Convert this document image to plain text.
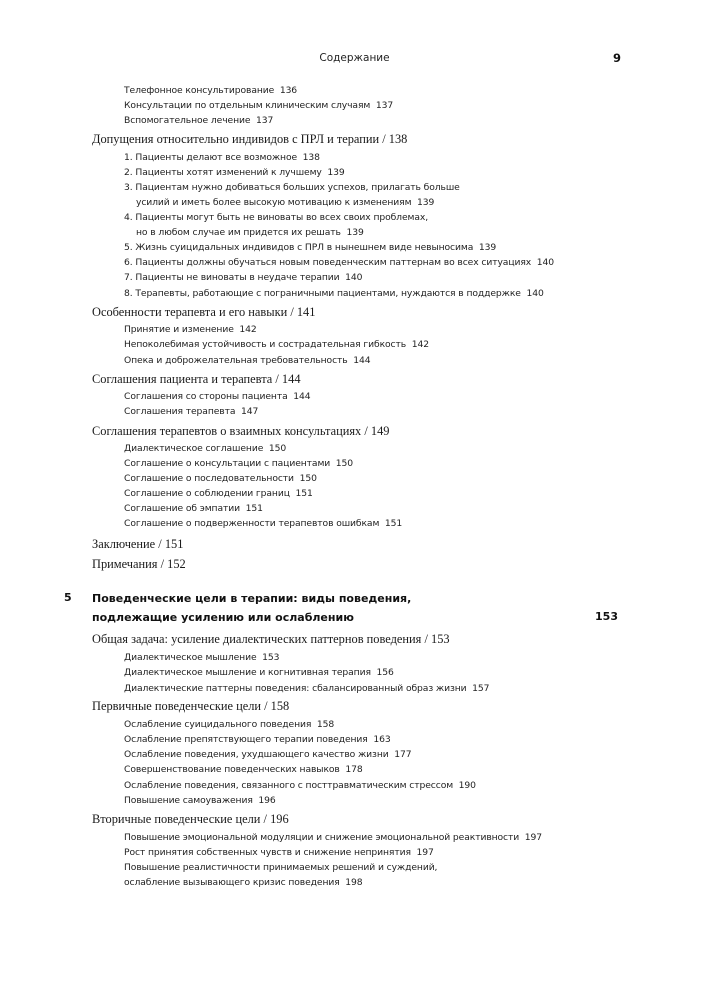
Содержание	9
Телефонное консультирование  136
Консультации по отдельным клиническим случаям  137
Вспомогательное лечение  137
Допущения относительно индивидов с ПРЛ и терапии / 138
1. Пациенты делают все возможное  138
2. Пациенты хотят изменений к лучшему  139
3. Пациентам нужно добиваться больших успехов, прилагать больше
усилий и иметь более высокую мотивацию к изменениям  139
4. Пациенты могут быть не виноваты во всех своих проблемах,
но в любом случае им придется их решать  139
5. Жизнь суицидальных индивидов с ПРЛ в нынешнем виде невыносима  139
6. Пациенты должны обучаться новым поведенческим паттернам во всех ситуациях  140
7. Пациенты не виноваты в неудаче терапии  140
8. Терапевты, работающие с пограничными пациентами, нуждаются в поддержке  140
Особенности терапевта и его навыки / 141
Принятие и изменение  142
Непоколебимая устойчивость и сострадательная гибкость  142
Опека и доброжелательная требовательность  144
Соглашения пациента и терапевта / 144
Соглашения со стороны пациента  144
Соглашения терапевта  147
Соглашения терапевтов о взаимных консультациях / 149
Диалектическое соглашение  150
Соглашение о консультации с пациентами  150
Соглашение о последовательности  150
Соглашение о соблюдении границ  151
Соглашение об эмпатии  151
Соглашение о подверженности терапевтов ошибкам  151
Заключение / 151
Примечания / 152
5 Поведенческие цели в терапии: виды поведения,
подлежащие усилению или ослаблению	153
Общая задача: усиление диалектических паттернов поведения / 153
Диалектическое мышление  153
Диалектическое мышление и когнитивная терапия  156
Диалектические паттерны поведения: сбалансированный образ жизни  157
Первичные поведенческие цели / 158
Ослабление суицидального поведения  158
Ослабление препятствующего терапии поведения  163
Ослабление поведения, ухудшающего качество жизни  177
Совершенствование поведенческих навыков  178
Ослабление поведения, связанного с посттравматическим стрессом  190
Повышение самоуважения  196
Вторичные поведенческие цели / 196
Повышение эмоциональной модуляции и снижение эмоциональной реактивности  197
Рост принятия собственных чувств и снижение непринятия  197
Повышение реалистичности принимаемых решений и суждений,
ослабление вызывающего кризис поведения  198
